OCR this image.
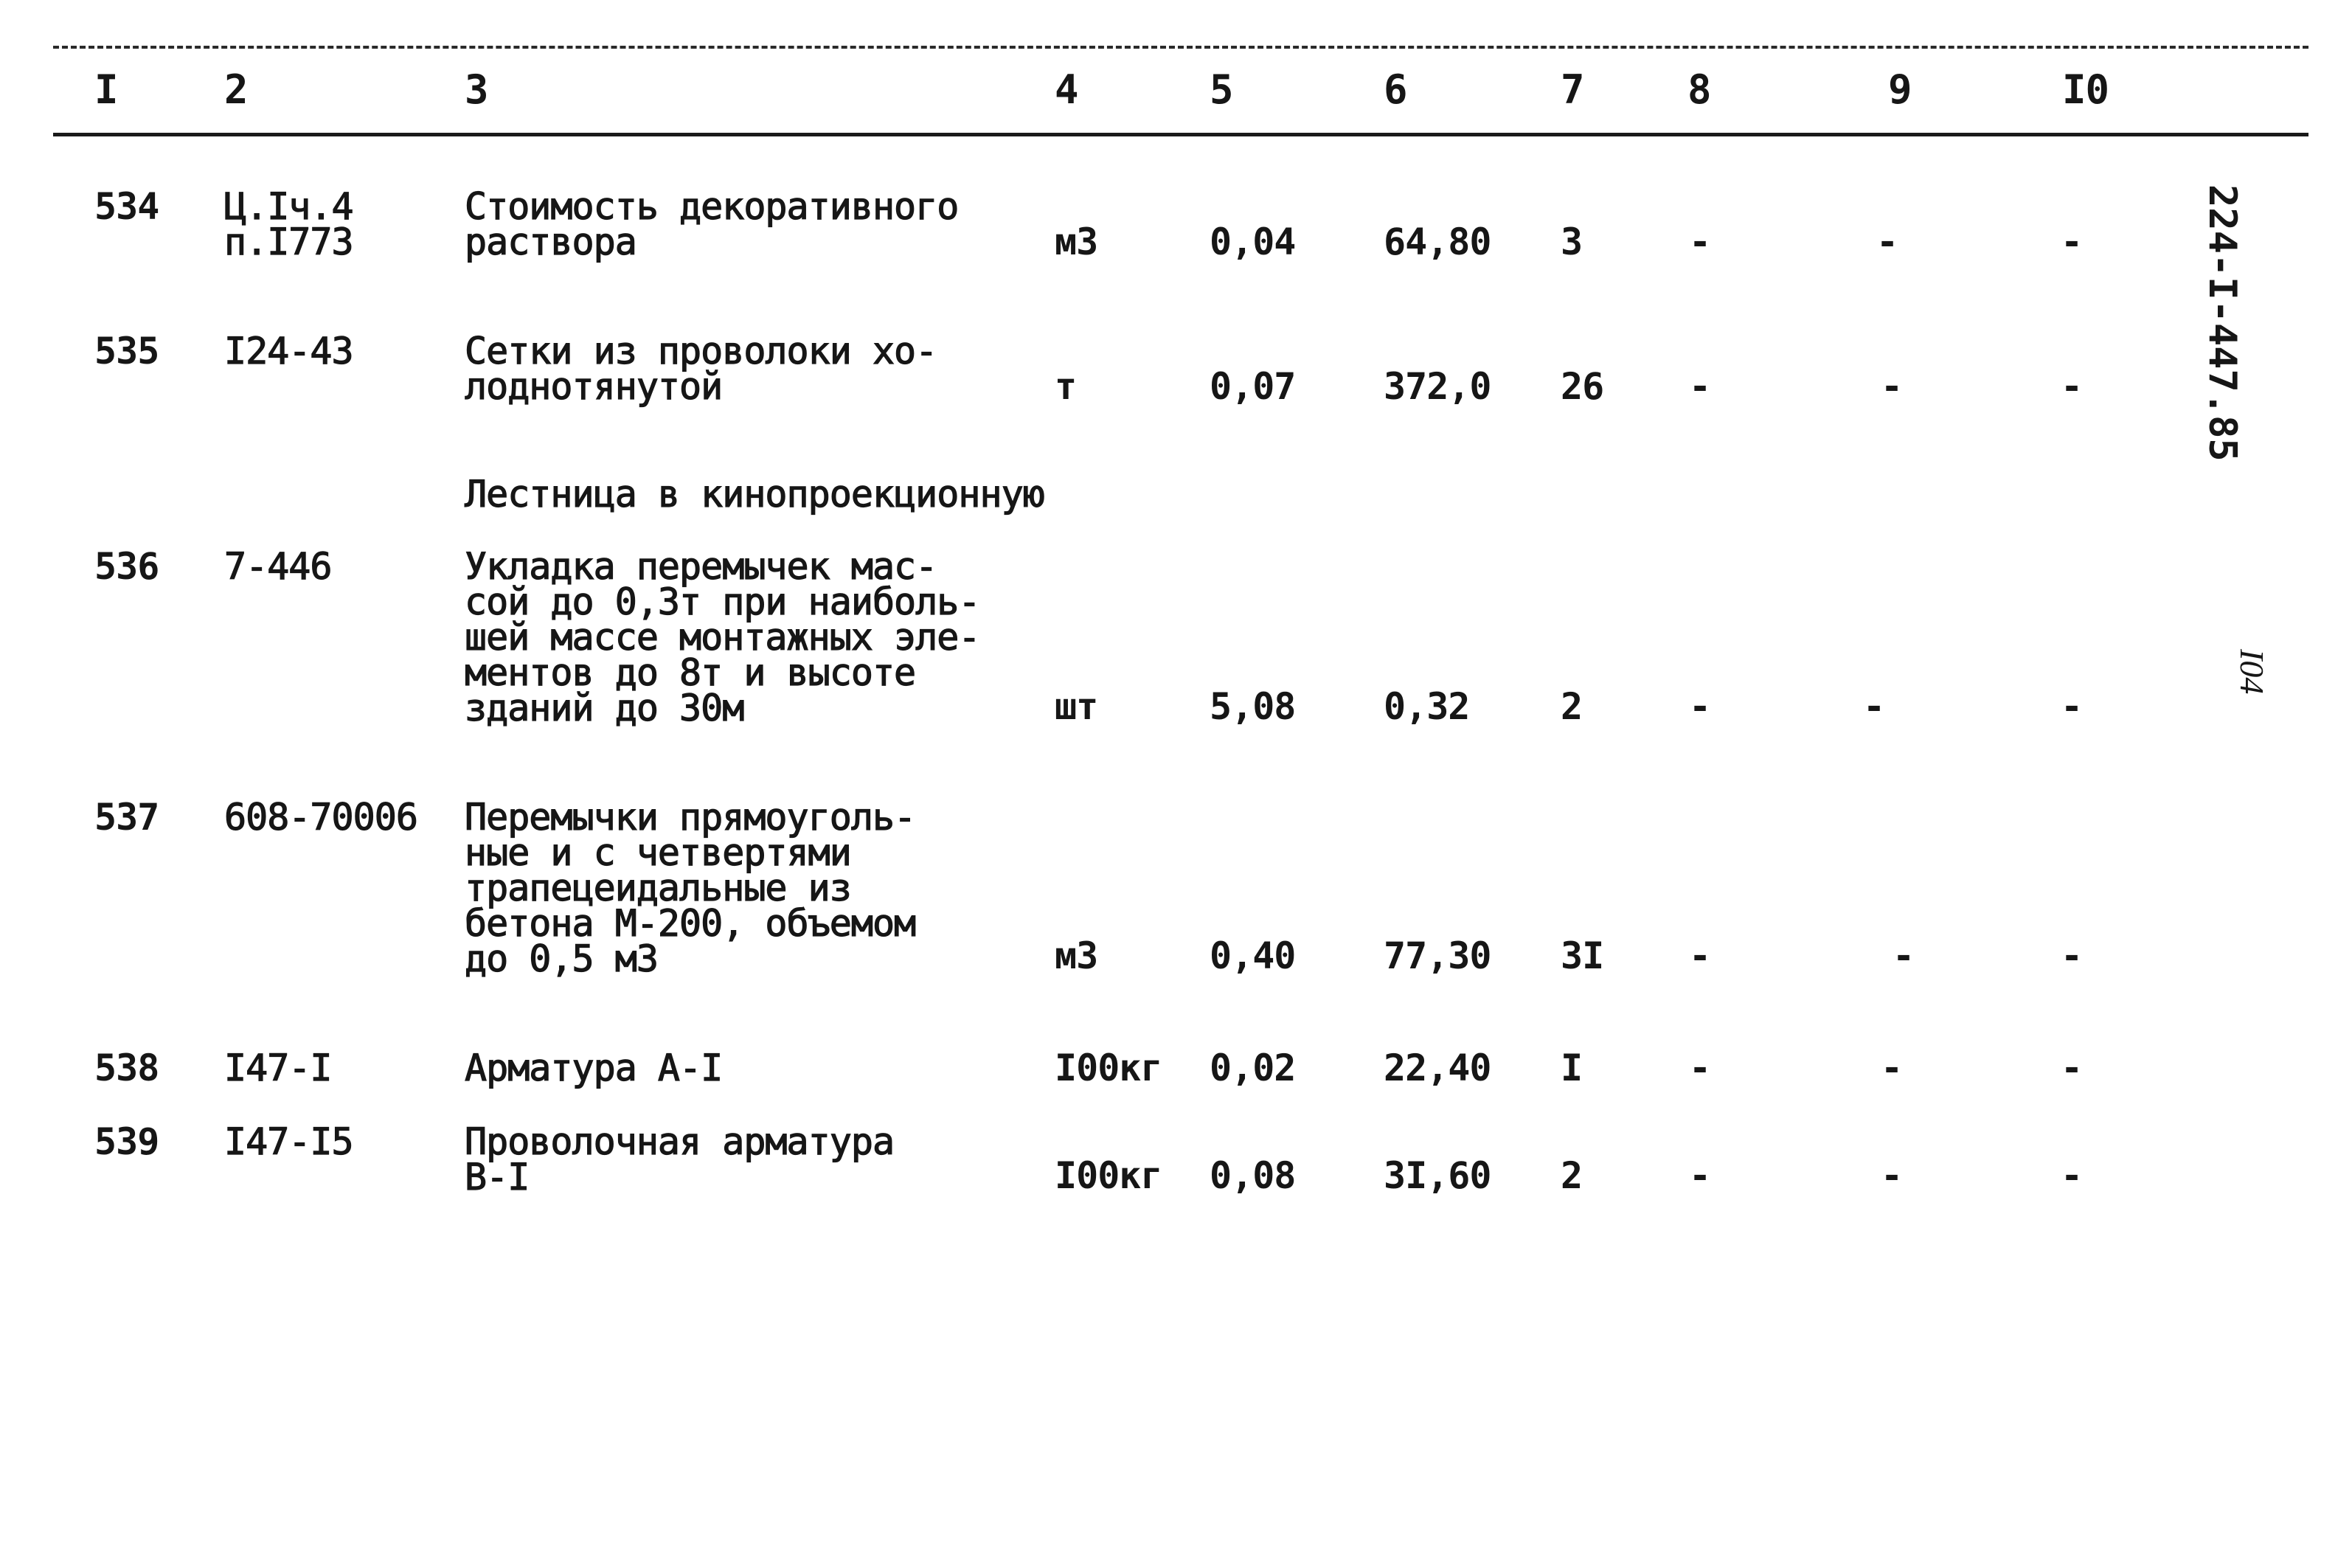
I	2	3	4	5	6	7	8	9	I0
534 Ц.Iч.4
п.I773
Стоимость декоративного
раствора	м3	0,04 64,80 3	-	-	-
535 I24-43	Сетки из проволоки хо-
лоднотянутой	т	0,07 372,0 26 -	-	-
Лестница в кинопроекционную
536 7-446	Укладка перемычек мас-
сой до 0,3т при наиболь-
шей массе монтажных эле-
ментов до 8т и высоте
зданий до 30м	шт	5,08 0,32 2	-	-	-
537 608-70006 Перемычки прямоуголь-
ные и с четвертями
трапецеидальные из
бетона М-200, объемом
до 0,5 м3	м3	0,40 77,30 3I -	-	-
538 I47-I	Арматура А-I	I00кг 0,02 22,40 I	-	-	-
539 I47-I5	Проволочная арматура
В-I	I00кг 0,08 3I,60 2	-	-	-
224-I-447.85
I04
